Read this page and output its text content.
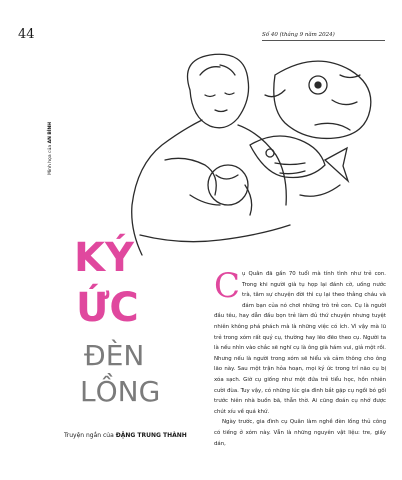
44	Số 40 (tháng 9 năm 2024)
Minh họa của AN BÌNH
KÝ
ỨC
ĐÈN
LỒNG
Truyện ngắn của ĐẶNG TRUNG THÀNH
C ụ Quân đã gần 70 tuổi mà tính tình như trẻ con. Trong khi người già tụ họp lại đánh cờ, uống nước trà, tâm sự chuyện đời thì cụ lại theo thằng cháu và đám bạn của nó chơi những trò trẻ con. Cụ là người đầu têu, hay dẫn đầu bọn trẻ làm đủ thứ chuyện nhưng tuyệt nhiên không phá phách mà là những việc có ích. Vì vậy mà lũ trẻ trong xóm rất quý cụ, thường hay lẽo đẽo theo cụ. Người ta là nếu nhìn vào chắc sẽ nghĩ cụ là ông già hám vui, giả một rồi. Nhưng nếu là người trong xóm sẽ hiểu và cảm thông cho ông lão này. Sau một trận hỏa hoạn, mọi ký ức trong trí não cụ bị xóa sạch. Giờ cụ giống như một đứa trẻ tiểu học, hồn nhiên cười đùa. Tuy vậy, có những lúc gia đình bắt gặp cụ ngồi bó gối trước hiên nhà buồn bã, thẫn thờ. Ai cũng đoán cụ nhớ được chút xíu về quá khứ.

Ngày trước, gia đình cụ Quân làm nghề đèn lồng thủ công có tiếng ở xóm này. Vẫn là những nguyên vật liệu: tre, giấy dán,
